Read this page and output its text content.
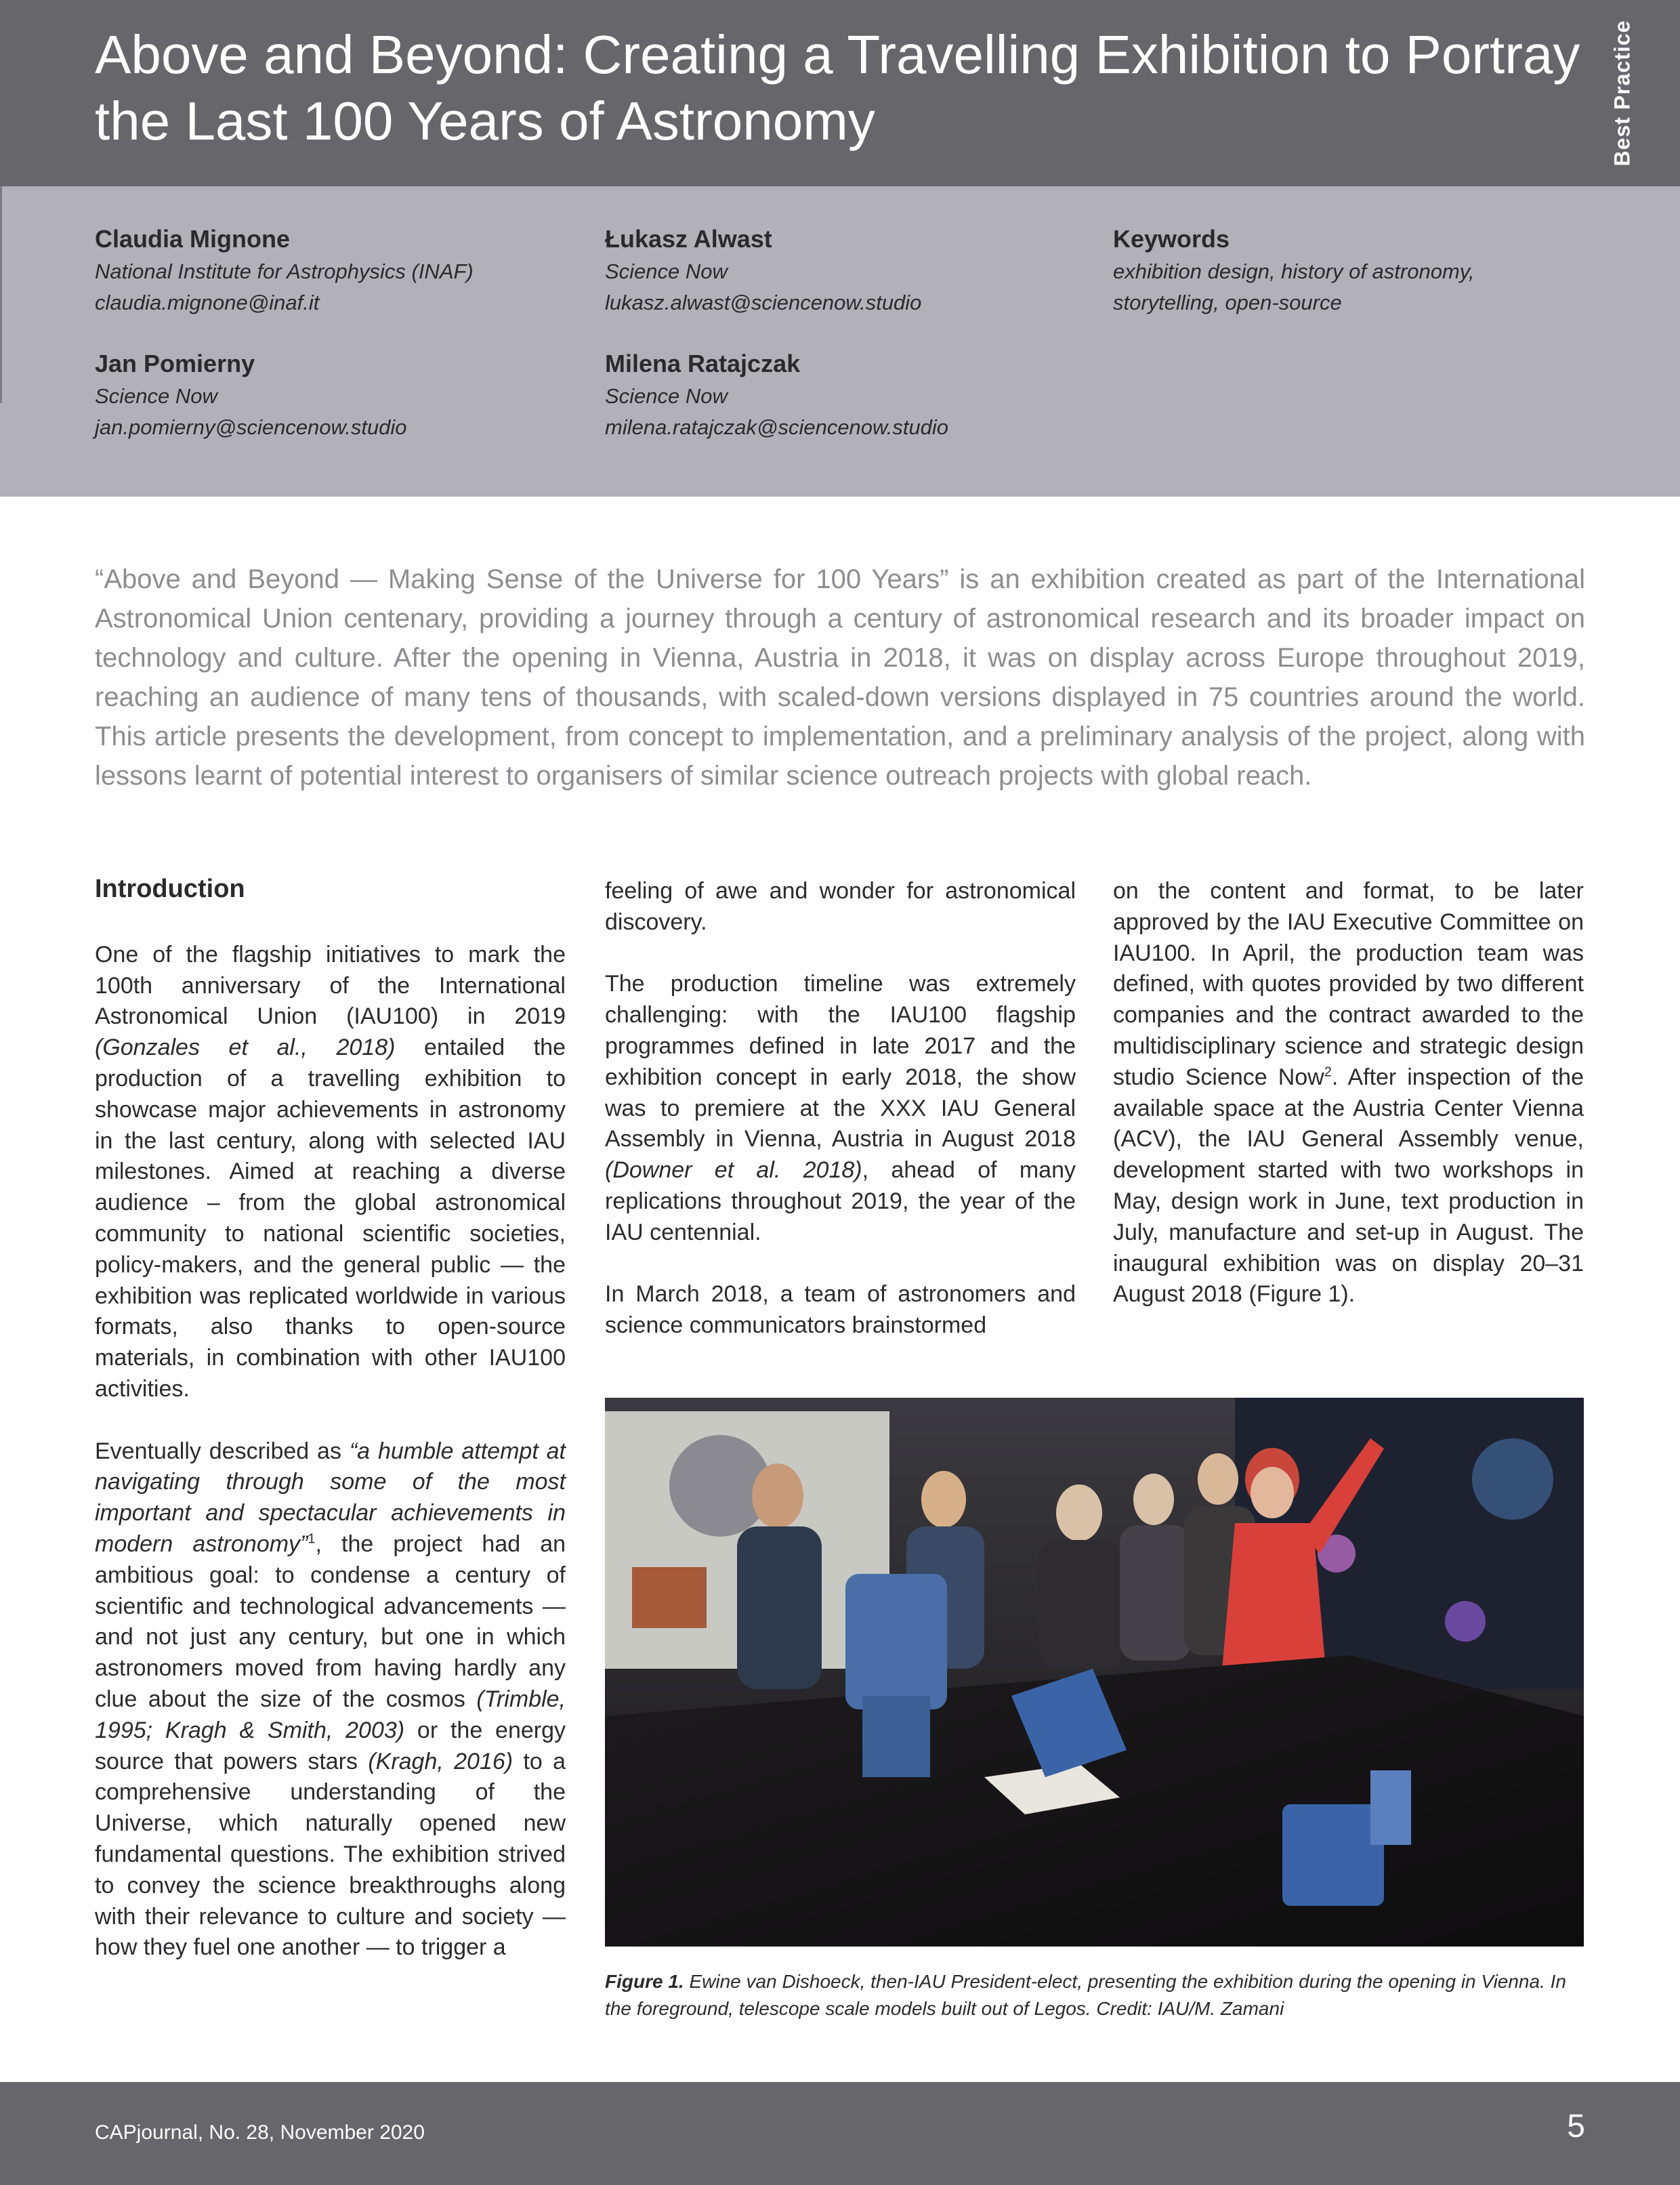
Above and Beyond: Creating a Travelling Exhibition to Portray the Last 100 Years of Astronomy	Best Practice
Claudia Mignone
National Institute for Astrophysics (INAF)
claudia.mignone@inaf.it
Łukasz Alwast
Science Now
lukasz.alwast@sciencenow.studio
Keywords
exhibition design, history of astronomy,
storytelling, open-source
Jan Pomierny
Science Now
jan.pomierny@sciencenow.studio
Milena Ratajczak
Science Now
milena.ratajczak@sciencenow.studio
“Above and Beyond — Making Sense of the Universe for 100 Years” is an exhibition created as part of the International Astronomical Union centenary, providing a journey through a century of astronomical research and its broader impact on technology and culture. After the opening in Vienna, Austria in 2018, it was on display across Europe throughout 2019, reaching an audience of many tens of thousands, with scaled-down versions displayed in 75 countries around the world. This article presents the development, from concept to implementation, and a preliminary analysis of the project, along with lessons learnt of potential interest to organisers of similar science outreach projects with global reach.
Introduction

One of the flagship initiatives to mark the 100th anniversary of the International Astronomical Union (IAU100) in 2019 (Gonzales et al., 2018) entailed the production of a travelling exhibition to showcase major achievements in astronomy in the last century, along with selected IAU milestones. Aimed at reaching a diverse audience – from the global astronomical community to national scientific societies, policy-makers, and the general public — the exhibition was replicated worldwide in various formats, also thanks to open-source materials, in combination with other IAU100 activities.

Eventually described as “a humble attempt at navigating through some of the most important and spectacular achievements in modern astronomy”$^1$, the project had an ambitious goal: to condense a century of scientific and technological advancements — and not just any century, but one in which astronomers moved from having hardly any clue about the size of the cosmos (Trimble, 1995; Kragh & Smith, 2003) or the energy source that powers stars (Kragh, 2016) to a comprehensive understanding of the Universe, which naturally opened new fundamental questions. The exhibition strived to convey the science breakthroughs along with their relevance to culture and society — how they fuel one another — to trigger a

feeling of awe and wonder for astronomical discovery.

The production timeline was extremely challenging: with the IAU100 flagship programmes defined in late 2017 and the exhibition concept in early 2018, the show was to premiere at the XXX IAU General Assembly in Vienna, Austria in August 2018 (Downer et al. 2018), ahead of many replications throughout 2019, the year of the IAU centennial.

In March 2018, a team of astronomers and science communicators brainstormed

on the content and format, to be later approved by the IAU Executive Committee on IAU100. In April, the production team was defined, with quotes provided by two different companies and the contract awarded to the multidisciplinary science and strategic design studio Science Now$^2$. After inspection of the available space at the Austria Center Vienna (ACV), the IAU General Assembly venue, development started with two workshops in May, design work in June, text production in July, manufacture and set-up in August. The inaugural exhibition was on display 20–31 August 2018 (Figure 1).

Figure 1. Ewine van Dishoeck, then-IAU President-elect, presenting the exhibition during the opening in Vienna. In the foreground, telescope scale models built out of Legos. Credit: IAU/M. Zamani
CAPjournal, No. 28, November 2020	5
